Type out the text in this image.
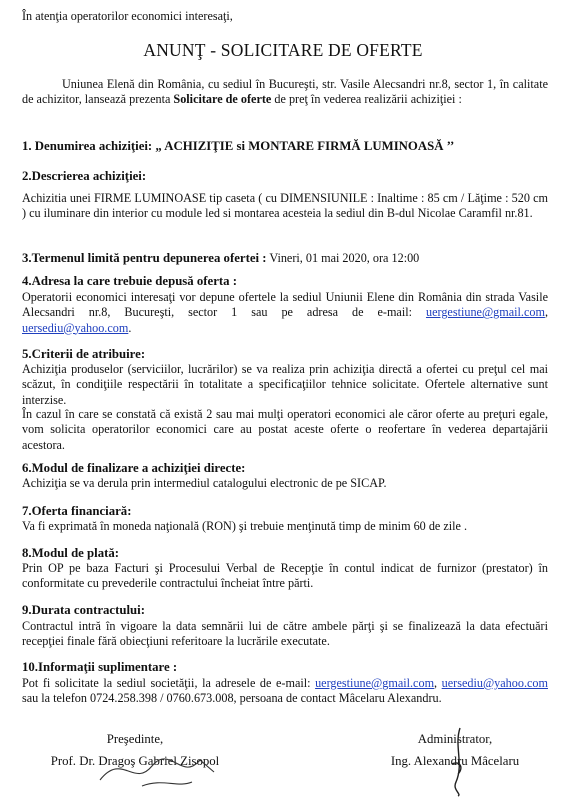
În atenţia operatorilor economici interesaţi,
ANUNŢ - SOLICITARE DE OFERTE
Uniunea Elenă din România, cu sediul în Bucureşti, str. Vasile Alecsandri nr.8, sector 1, în calitate de achizitor, lansează prezenta Solicitare de oferte de preţ în vederea realizării achiziţiei :
1. Denumirea achiziţiei: „ ACHIZIŢIE si MONTARE FIRMĂ LUMINOASĂ ’’
2.Descrierea achiziţiei:
Achizitia unei FIRME LUMINOASE tip caseta ( cu DIMENSIUNILE : Inaltime : 85 cm / Lăţime : 520 cm ) cu iluminare din interior cu module led si montarea acesteia la sediul din B-dul Nicolae Caramfil nr.81.
3.Termenul limită pentru depunerea ofertei : Vineri, 01 mai 2020, ora 12:00
4.Adresa la care trebuie depusă oferta :
Operatorii economici interesaţi vor depune ofertele la sediul Uniunii Elene din România din strada Vasile Alecsandri nr.8, Bucureşti, sector 1 sau pe adresa de e-mail: uergestiune@gmail.com, uersediu@yahoo.com.
5.Criterii de atribuire:
Achiziţia produselor (serviciilor, lucrărilor) se va realiza prin achiziţia directă a ofertei cu preţul cel mai scăzut, în condiţiile respectării în totalitate a specificaţiilor tehnice solicitate. Ofertele alternative sunt interzise.
În cazul în care se constată că există 2 sau mai mulţi operatori economici ale căror oferte au preţuri egale, vom solicita operatorilor economici care au postat aceste oferte o reofertare în vederea departajării acestora.
6.Modul de finalizare a achiziţiei directe:
Achiziţia se va derula prin intermediul catalogului electronic de pe SICAP.
7.Oferta financiară:
Va fi exprimată în moneda naţională (RON) şi trebuie menţinută timp de minim 60 de zile .
8.Modul de plată:
Prin OP pe baza Facturi şi Procesului Verbal de Recepţie în contul indicat de furnizor (prestator) în conformitate cu prevederile contractului încheiat între părti.
9.Durata contractului:
Contractul intră în vigoare la data semnării lui de către ambele părţi şi se finalizează la data efectuări recepţiei finale fără obiecţiuni referitoare la lucrările executate.
10.Informaţii suplimentare :
Pot fi solicitate la sediul societăţii, la adresele de e-mail: uergestiune@gmail.com, uersediu@yahoo.com sau la telefon 0724.258.398 / 0760.673.008, persoana de contact Mâcelaru Alexandru.
Preşedinte,
Prof. Dr. Dragoş Gabriel Zisopol
Administrator,
Ing. Alexandru Mâcelaru
